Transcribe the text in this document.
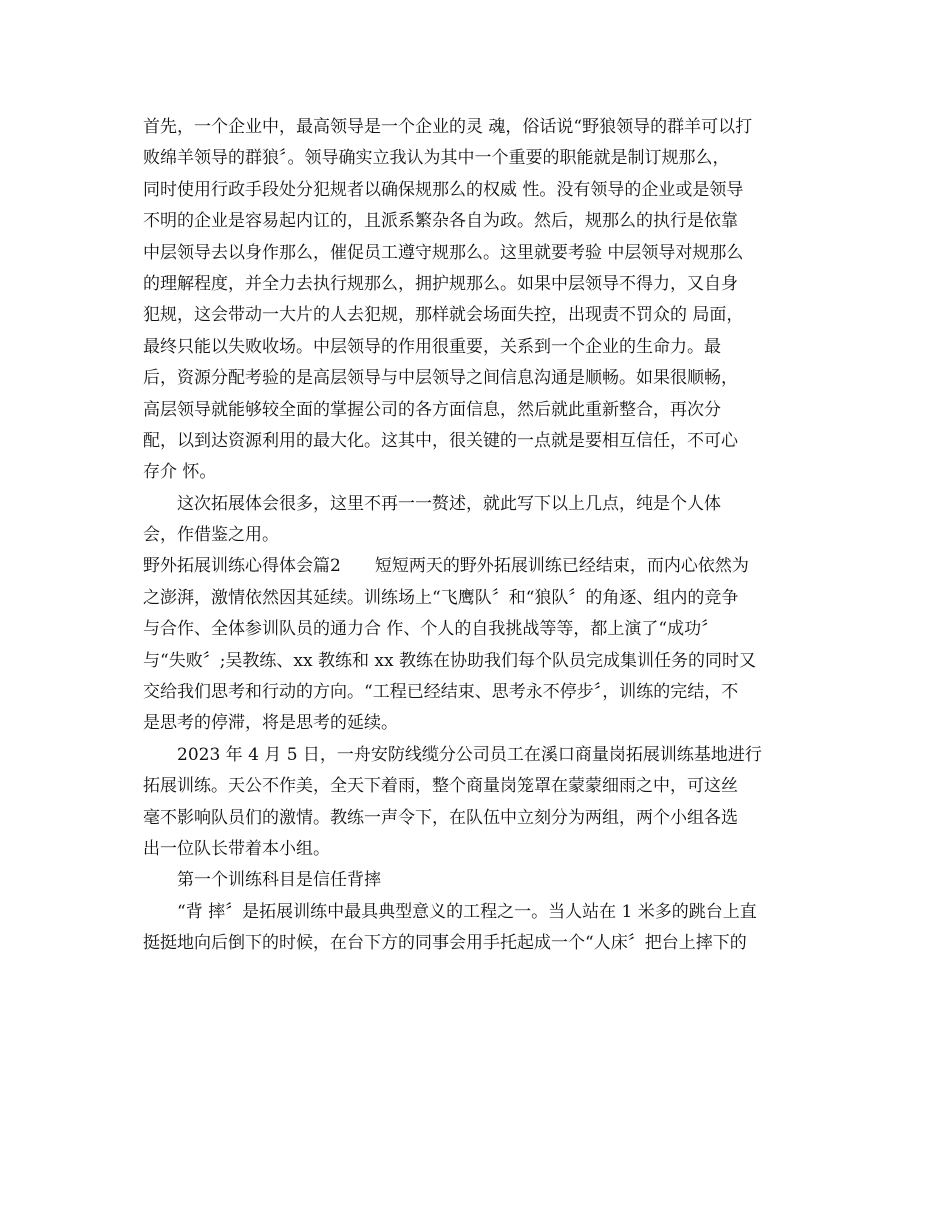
首先，一个企业中，最高领导是一个企业的灵 魂，俗话说“野狼领导的群羊可以打
败绵羊领导的群狼〞。领导确实立我认为其中一个重要的职能就是制订规那么，
同时使用行政手段处分犯规者以确保规那么的权威 性。没有领导的企业或是领导
不明的企业是容易起内讧的，且派系繁杂各自为政。然后，规那么的执行是依靠
中层领导去以身作那么，催促员工遵守规那么。这里就要考验 中层领导对规那么
的理解程度，并全力去执行规那么，拥护规那么。如果中层领导不得力，又自身
犯规，这会带动一大片的人去犯规，那样就会场面失控，出现责不罚众的 局面，
最终只能以失败收场。中层领导的作用很重要，关系到一个企业的生命力。最
后，资源分配考验的是高层领导与中层领导之间信息沟通是顺畅。如果很顺畅，
高层领导就能够较全面的掌握公司的各方面信息，然后就此重新整合，再次分
配，以到达资源利用的最大化。这其中，很关键的一点就是要相互信任，不可心
存介 怀。
这次拓展体会很多，这里不再一一赘述，就此写下以上几点，纯是个人体
会，作借鉴之用。
野外拓展训练心得体会篇2　　短短两天的野外拓展训练已经结束，而内心依然为
之澎湃，激情依然因其延续。训练场上“飞鹰队〞和“狼队〞的角逐、组内的竞争
与合作、全体参训队员的通力合 作、个人的自我挑战等等，都上演了“成功〞
与“失败〞;吴教练、xx 教练和 xx 教练在协助我们每个队员完成集训任务的同时又
交给我们思考和行动的方向。“工程已经结束、思考永不停步〞，训练的完结，不
是思考的停滞，将是思考的延续。
2023 年 4 月 5 日，一舟安防线缆分公司员工在溪口商量岗拓展训练基地进行
拓展训练。天公不作美，全天下着雨，整个商量岗笼罩在蒙蒙细雨之中，可这丝
毫不影响队员们的激情。教练一声令下，在队伍中立刻分为两组，两个小组各选
出一位队长带着本小组。
第一个训练科目是信任背摔
“背 摔〞是拓展训练中最具典型意义的工程之一。当人站在 1 米多的跳台上直
挺挺地向后倒下的时候，在台下方的同事会用手托起成一个“人床〞把台上摔下的
